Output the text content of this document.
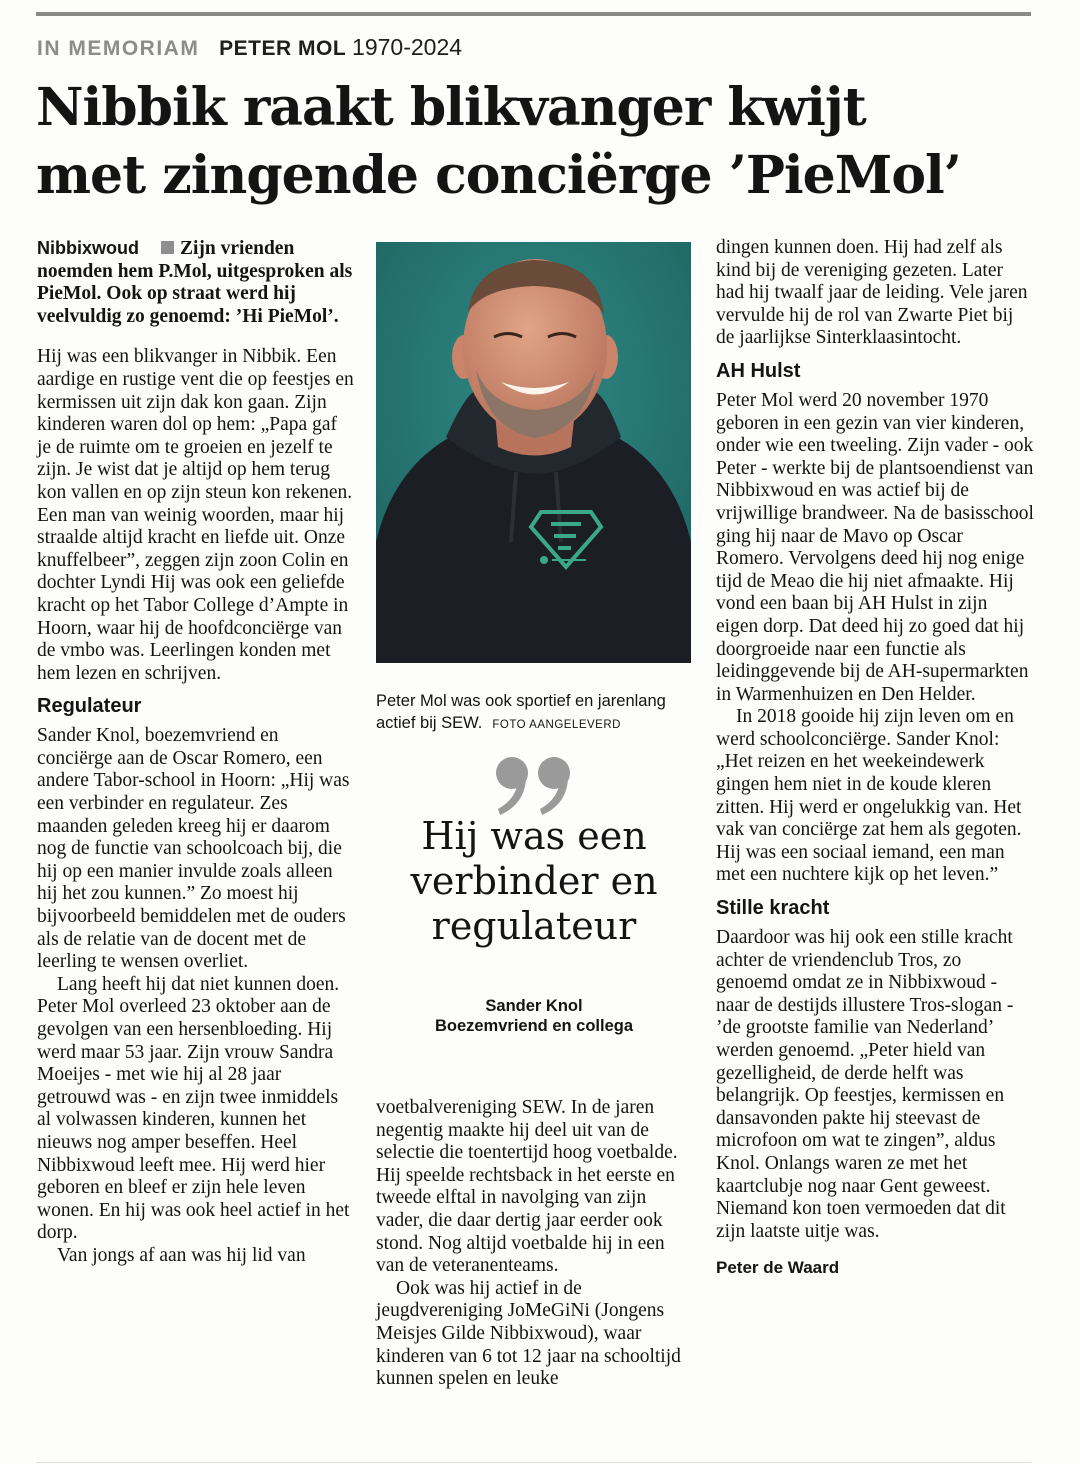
IN MEMORIAM PETER MOL 1970-2024
Nibbik raakt blikvanger kwijt
met zingende conciërge ’PieMol’

Nibbixwoud Zijn vrienden noemden hem P.Mol, uitgesproken als PieMol. Ook op straat werd hij veelvuldig zo genoemd: ’Hi PieMol’.

Hij was een blikvanger in Nibbik. Een aardige en rustige vent die op feestjes en kermissen uit zijn dak kon gaan. Zijn kinderen waren dol op hem: „Papa gaf je de ruimte om te groeien en jezelf te zijn. Je wist dat je altijd op hem terug kon vallen en op zijn steun kon rekenen. Een man van weinig woorden, maar hij straalde altijd kracht en liefde uit. Onze knuffelbeer”, zeggen zijn zoon Colin en dochter Lyndi Hij was ook een geliefde kracht op het Tabor College d’Ampte in Hoorn, waar hij de hoofdconciërge van de vmbo was. Leerlingen konden met hem lezen en schrijven.

Regulateur

Sander Knol, boezemvriend en conciërge aan de Oscar Romero, een andere Tabor-school in Hoorn: „Hij was een verbinder en regulateur. Zes maanden geleden kreeg hij er daarom nog de functie van schoolcoach bij, die hij op een manier invulde zoals alleen hij het zou kunnen.” Zo moest hij bijvoorbeeld bemiddelen met de ouders als de relatie van de docent met de leerling te wensen overliet.

Lang heeft hij dat niet kunnen doen. Peter Mol overleed 23 oktober aan de gevolgen van een hersenbloeding. Hij werd maar 53 jaar. Zijn vrouw Sandra Moeijes - met wie hij al 28 jaar getrouwd was - en zijn twee inmiddels al volwassen kinderen, kunnen het nieuws nog amper beseffen. Heel Nibbixwoud leeft mee. Hij werd hier geboren en bleef er zijn hele leven wonen. En hij was ook heel actief in het dorp.

Van jongs af aan was hij lid van

Peter Mol was ook sportief en jarenlang actief bij SEW. FOTO AANGELEVERD
Hij was een
verbinder en
regulateur
Sander Knol
Boezemvriend en collega

voetbalvereniging SEW. In de jaren negentig maakte hij deel uit van de selectie die toentertijd hoog voetbalde. Hij speelde rechtsback in het eerste en tweede elftal in navolging van zijn vader, die daar dertig jaar eerder ook stond. Nog altijd voetbalde hij in een van de veteranenteams.

Ook was hij actief in de jeugdvereniging JoMeGiNi (Jongens Meisjes Gilde Nibbixwoud), waar kinderen van 6 tot 12 jaar na schooltijd kunnen spelen en leuke

dingen kunnen doen. Hij had zelf als kind bij de vereniging gezeten. Later had hij twaalf jaar de leiding. Vele jaren vervulde hij de rol van Zwarte Piet bij de jaarlijkse Sinterklaasintocht.

AH Hulst

Peter Mol werd 20 november 1970 geboren in een gezin van vier kinderen, onder wie een tweeling. Zijn vader - ook Peter - werkte bij de plantsoendienst van Nibbixwoud en was actief bij de vrijwillige brandweer. Na de basisschool ging hij naar de Mavo op Oscar Romero. Vervolgens deed hij nog enige tijd de Meao die hij niet afmaakte. Hij vond een baan bij AH Hulst in zijn eigen dorp. Dat deed hij zo goed dat hij doorgroeide naar een functie als leidinggevende bij de AH-supermarkten in Warmenhuizen en Den Helder.

In 2018 gooide hij zijn leven om en werd schoolconciërge. Sander Knol: „Het reizen en het weekeindewerk gingen hem niet in de koude kleren zitten. Hij werd er ongelukkig van. Het vak van conciërge zat hem als gegoten. Hij was een sociaal iemand, een man met een nuchtere kijk op het leven.”

Stille kracht

Daardoor was hij ook een stille kracht achter de vriendenclub Tros, zo genoemd omdat ze in Nibbixwoud - naar de destijds illustere Tros-slogan - ’de grootste familie van Nederland’ werden genoemd. „Peter hield van gezelligheid, de derde helft was belangrijk. Op feestjes, kermissen en dansavonden pakte hij steevast de microfoon om wat te zingen”, aldus Knol. Onlangs waren ze met het kaartclubje nog naar Gent geweest. Niemand kon toen vermoeden dat dit zijn laatste uitje was.

Peter de Waard
